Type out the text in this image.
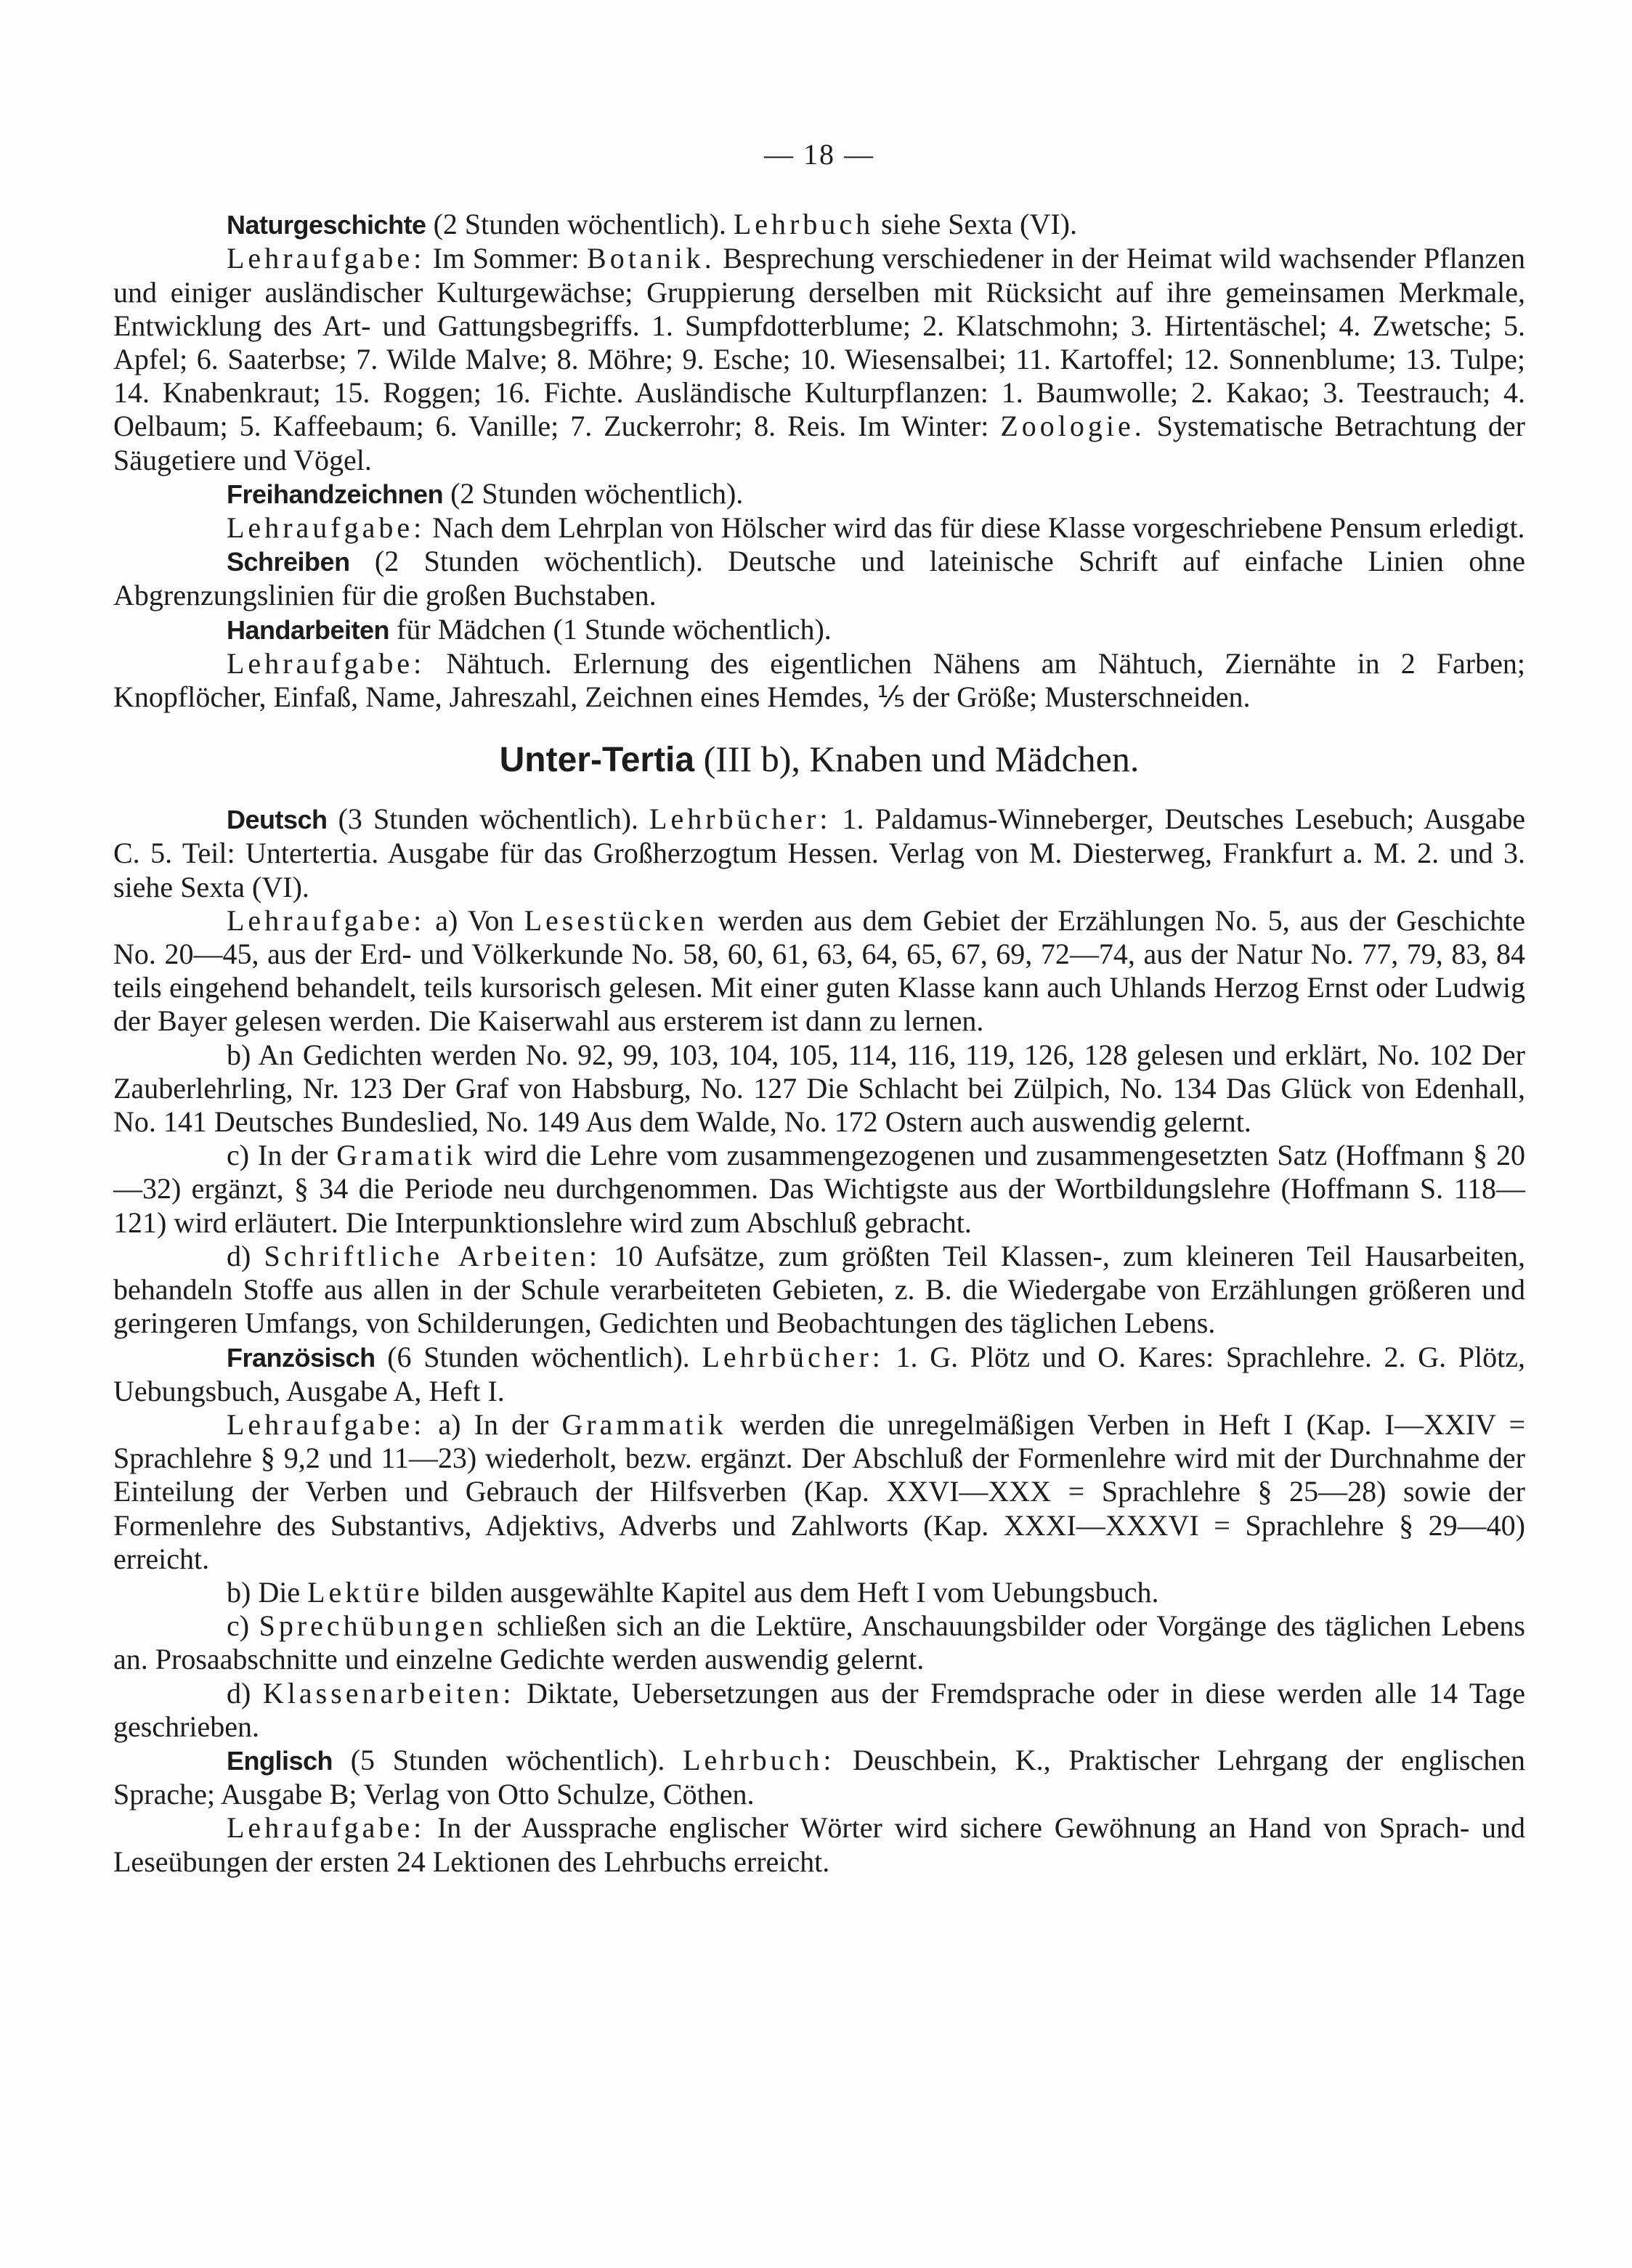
— 18 —

Naturgeschichte (2 Stunden wöchentlich). Lehrbuch siehe Sexta (VI).

Lehraufgabe: Im Sommer: Botanik. Besprechung verschiedener in der Heimat wild wachsender Pflanzen und einiger ausländischer Kulturgewächse; Gruppierung derselben mit Rücksicht auf ihre gemeinsamen Merkmale, Entwicklung des Art- und Gattungsbegriffs. 1. Sumpfdotterblume; 2. Klatschmohn; 3. Hirtentäschel; 4. Zwetsche; 5. Apfel; 6. Saaterbse; 7. Wilde Malve; 8. Möhre; 9. Esche; 10. Wiesensalbei; 11. Kartoffel; 12. Sonnenblume; 13. Tulpe; 14. Knabenkraut; 15. Roggen; 16. Fichte. Ausländische Kulturpflanzen: 1. Baumwolle; 2. Kakao; 3. Teestrauch; 4. Oelbaum; 5. Kaffeebaum; 6. Vanille; 7. Zuckerrohr; 8. Reis. Im Winter: Zoologie. Systematische Betrachtung der Säugetiere und Vögel.

Freihandzeichnen (2 Stunden wöchentlich).

Lehraufgabe: Nach dem Lehrplan von Hölscher wird das für diese Klasse vorgeschriebene Pensum erledigt.

Schreiben (2 Stunden wöchentlich). Deutsche und lateinische Schrift auf einfache Linien ohne Abgrenzungslinien für die großen Buchstaben.

Handarbeiten für Mädchen (1 Stunde wöchentlich).

Lehraufgabe: Nähtuch. Erlernung des eigentlichen Nähens am Nähtuch, Ziernähte in 2 Farben; Knopflöcher, Einfaß, Name, Jahreszahl, Zeichnen eines Hemdes, ⅕ der Größe; Musterschneiden.

Unter-Tertia (III b), Knaben und Mädchen.

Deutsch (3 Stunden wöchentlich). Lehrbücher: 1. Paldamus-Winneberger, Deutsches Lesebuch; Ausgabe C. 5. Teil: Untertertia. Ausgabe für das Großherzogtum Hessen. Verlag von M. Diesterweg, Frankfurt a. M. 2. und 3. siehe Sexta (VI).

Lehraufgabe: a) Von Lesestücken werden aus dem Gebiet der Erzählungen No. 5, aus der Geschichte No. 20—45, aus der Erd- und Völkerkunde No. 58, 60, 61, 63, 64, 65, 67, 69, 72—74, aus der Natur No. 77, 79, 83, 84 teils eingehend behandelt, teils kursorisch gelesen. Mit einer guten Klasse kann auch Uhlands Herzog Ernst oder Ludwig der Bayer gelesen werden. Die Kaiserwahl aus ersterem ist dann zu lernen.

b) An Gedichten werden No. 92, 99, 103, 104, 105, 114, 116, 119, 126, 128 gelesen und erklärt, No. 102 Der Zauberlehrling, Nr. 123 Der Graf von Habsburg, No. 127 Die Schlacht bei Zülpich, No. 134 Das Glück von Edenhall, No. 141 Deutsches Bundeslied, No. 149 Aus dem Walde, No. 172 Ostern auch auswendig gelernt.

c) In der Gramatik wird die Lehre vom zusammengezogenen und zusammengesetzten Satz (Hoffmann § 20—32) ergänzt, § 34 die Periode neu durchgenommen. Das Wichtigste aus der Wortbildungslehre (Hoffmann S. 118—121) wird erläutert. Die Interpunktionslehre wird zum Abschluß gebracht.

d) Schriftliche Arbeiten: 10 Aufsätze, zum größten Teil Klassen-, zum kleineren Teil Hausarbeiten, behandeln Stoffe aus allen in der Schule verarbeiteten Gebieten, z. B. die Wiedergabe von Erzählungen größeren und geringeren Umfangs, von Schilderungen, Gedichten und Beobachtungen des täglichen Lebens.

Französisch (6 Stunden wöchentlich). Lehrbücher: 1. G. Plötz und O. Kares: Sprachlehre. 2. G. Plötz, Uebungsbuch, Ausgabe A, Heft I.

Lehraufgabe: a) In der Grammatik werden die unregelmäßigen Verben in Heft I (Kap. I—XXIV = Sprachlehre § 9,2 und 11—23) wiederholt, bezw. ergänzt. Der Abschluß der Formenlehre wird mit der Durchnahme der Einteilung der Verben und Gebrauch der Hilfsverben (Kap. XXVI—XXX = Sprachlehre § 25—28) sowie der Formenlehre des Substantivs, Adjektivs, Adverbs und Zahlworts (Kap. XXXI—XXXVI = Sprachlehre § 29—40) erreicht.

b) Die Lektüre bilden ausgewählte Kapitel aus dem Heft I vom Uebungsbuch.

c) Sprechübungen schließen sich an die Lektüre, Anschauungsbilder oder Vorgänge des täglichen Lebens an. Prosaabschnitte und einzelne Gedichte werden auswendig gelernt.

d) Klassenarbeiten: Diktate, Uebersetzungen aus der Fremdsprache oder in diese werden alle 14 Tage geschrieben.

Englisch (5 Stunden wöchentlich). Lehrbuch: Deuschbein, K., Praktischer Lehrgang der englischen Sprache; Ausgabe B; Verlag von Otto Schulze, Cöthen.

Lehraufgabe: In der Aussprache englischer Wörter wird sichere Gewöhnung an Hand von Sprach- und Leseübungen der ersten 24 Lektionen des Lehrbuchs erreicht.
